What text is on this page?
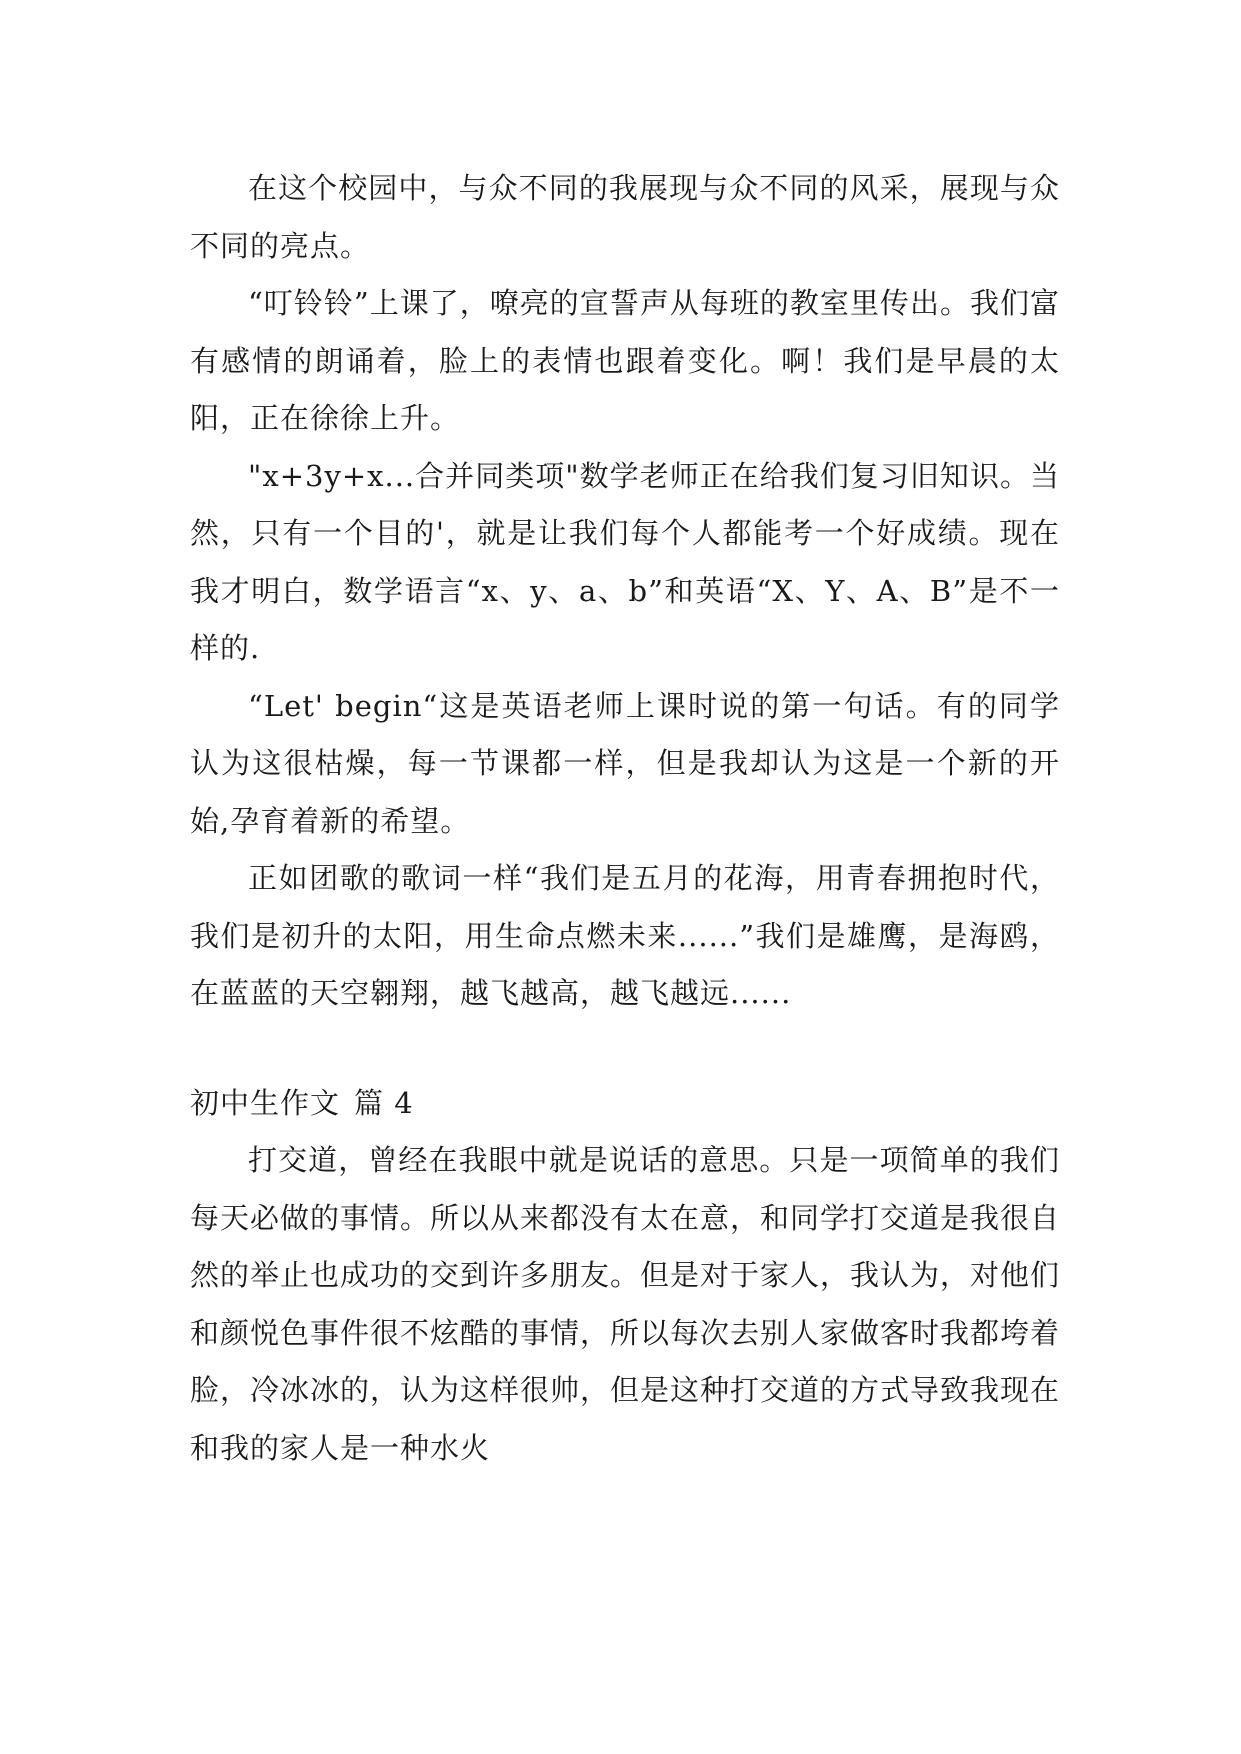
在这个校园中，与众不同的我展现与众不同的风采，展现与众不同的亮点。

“叮铃铃”上课了，嘹亮的宣誓声从每班的教室里传出。我们富有感情的朗诵着，脸上的表情也跟着变化。啊！我们是早晨的太阳，正在徐徐上升。

"x+3y+x...合并同类项"数学老师正在给我们复习旧知识。当然，只有一个目的'，就是让我们每个人都能考一个好成绩。现在我才明白，数学语言“x、y、a、b”和英语“X、Y、A、B”是不一样的.

“Let' begin“这是英语老师上课时说的第一句话。有的同学认为这很枯燥，每一节课都一样，但是我却认为这是一个新的开始,孕育着新的希望。

正如团歌的歌词一样“我们是五月的花海，用青春拥抱时代，我们是初升的太阳，用生命点燃未来......”我们是雄鹰，是海鸥，在蓝蓝的天空翱翔，越飞越高，越飞越远......

初中生作文 篇 4

打交道，曾经在我眼中就是说话的意思。只是一项简单的我们每天必做的事情。所以从来都没有太在意，和同学打交道是我很自然的举止也成功的交到许多朋友。但是对于家人，我认为，对他们和颜悦色事件很不炫酷的事情，所以每次去别人家做客时我都垮着脸，冷冰冰的，认为这样很帅，但是这种打交道的方式导致我现在和我的家人是一种水火
